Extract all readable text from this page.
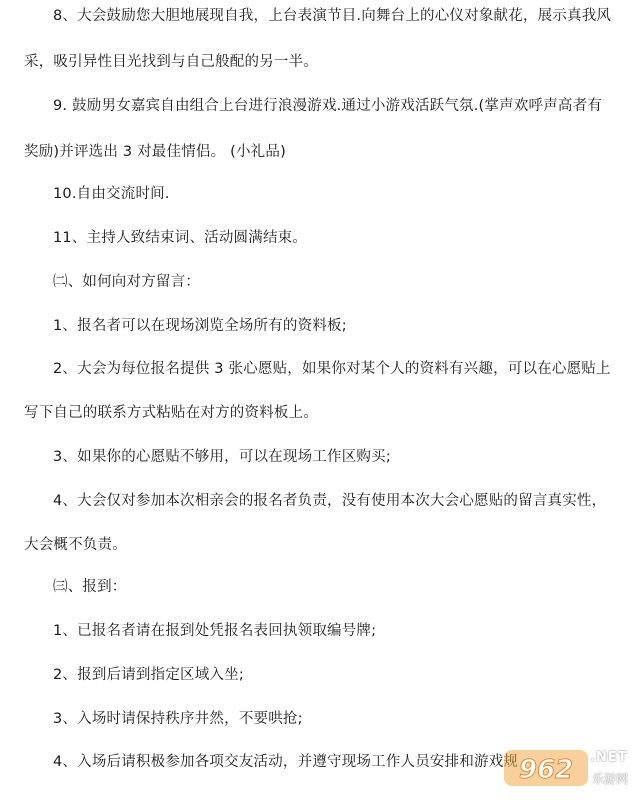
8、大会鼓励您大胆地展现自我，上台表演节目.向舞台上的心仪对象献花，展示真我风
采，吸引异性目光找到与自己般配的另一半。
9. 鼓励男女嘉宾自由组合上台进行浪漫游戏.通过小游戏活跃气氛.(掌声欢呼声高者有
奖励)并评选出 3 对最佳情侣。 (小礼品)
10.自由交流时间.
11、主持人致结束词、活动圆满结束。
㈡、如何向对方留言：
1、报名者可以在现场浏览全场所有的资料板;
2、大会为每位报名提供 3 张心愿贴，如果你对某个人的资料有兴趣，可以在心愿贴上
写下自己的联系方式粘贴在对方的资料板上。
3、如果你的心愿贴不够用，可以在现场工作区购买;
4、大会仅对参加本次相亲会的报名者负责，没有使用本次大会心愿贴的留言真实性，
大会概不负责。
㈢、报到：
1、已报名者请在报到处凭报名表回执领取编号牌;
2、报到后请到指定区域入坐;
3、入场时请保持秩序井然，不要哄抢;
4、入场后请积极参加各项交友活动，并遵守现场工作人员安排和游戏规 962 .NET
乐游网
